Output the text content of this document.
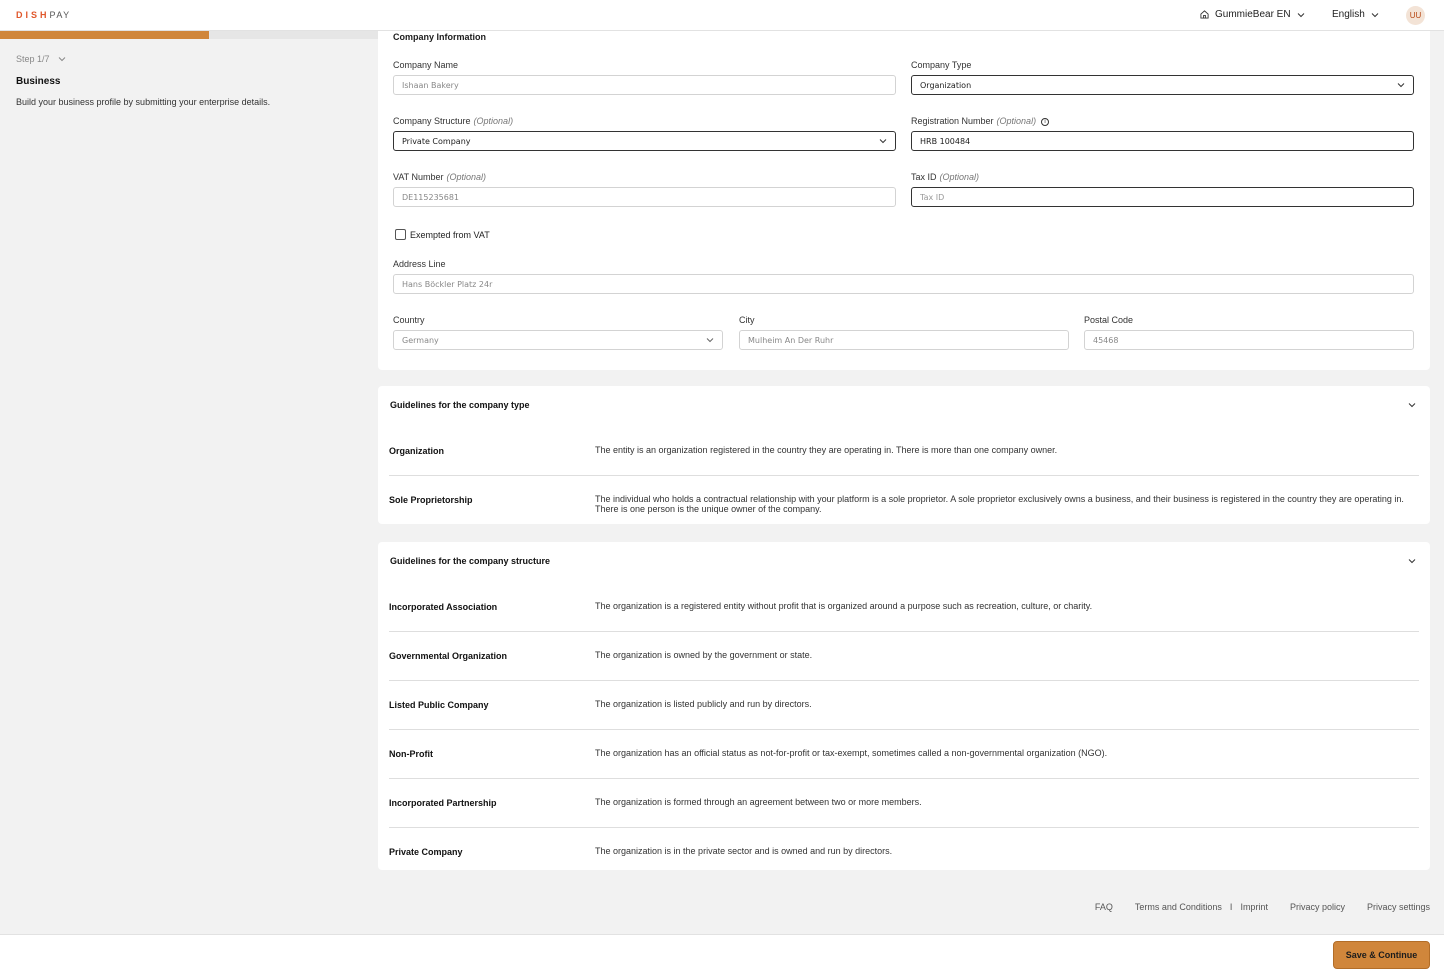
DISHPAY	GummieBear EN	English	UU
Step 1/7
Business
Build your business profile by submitting your enterprise details.
Company Information
Company Name
Ishaan Bakery
Company Type
Organization
Company Structure (Optional)
Private Company
Registration Number (Optional) i
HRB 100484
VAT Number (Optional)
DE115235681
Tax ID (Optional)
Tax ID
Exempted from VAT
Address Line
Hans Böckler Platz 24r
Country
Germany
City
Mulheim An Der Ruhr
Postal Code
45468
Guidelines for the company type
Organization	The entity is an organization registered in the country they are operating in. There is more than one company owner.
Sole Proprietorship	The individual who holds a contractual relationship with your platform is a sole proprietor. A sole proprietor exclusively owns a business, and their business is registered in the country they are operating in. There is one person is the unique owner of the company.
Guidelines for the company structure
Incorporated Association	The organization is a registered entity without profit that is organized around a purpose such as recreation, culture, or charity.
Governmental Organization	The organization is owned by the government or state.
Listed Public Company	The organization is listed publicly and run by directors.
Non-Profit	The organization has an official status as not-for-profit or tax-exempt, sometimes called a non-governmental organization (NGO).
Incorporated Partnership	The organization is formed through an agreement between two or more members.
Private Company	The organization is in the private sector and is owned and run by directors.
FAQ Terms and Conditions I Imprint Privacy policy Privacy settings
Save & Continue
